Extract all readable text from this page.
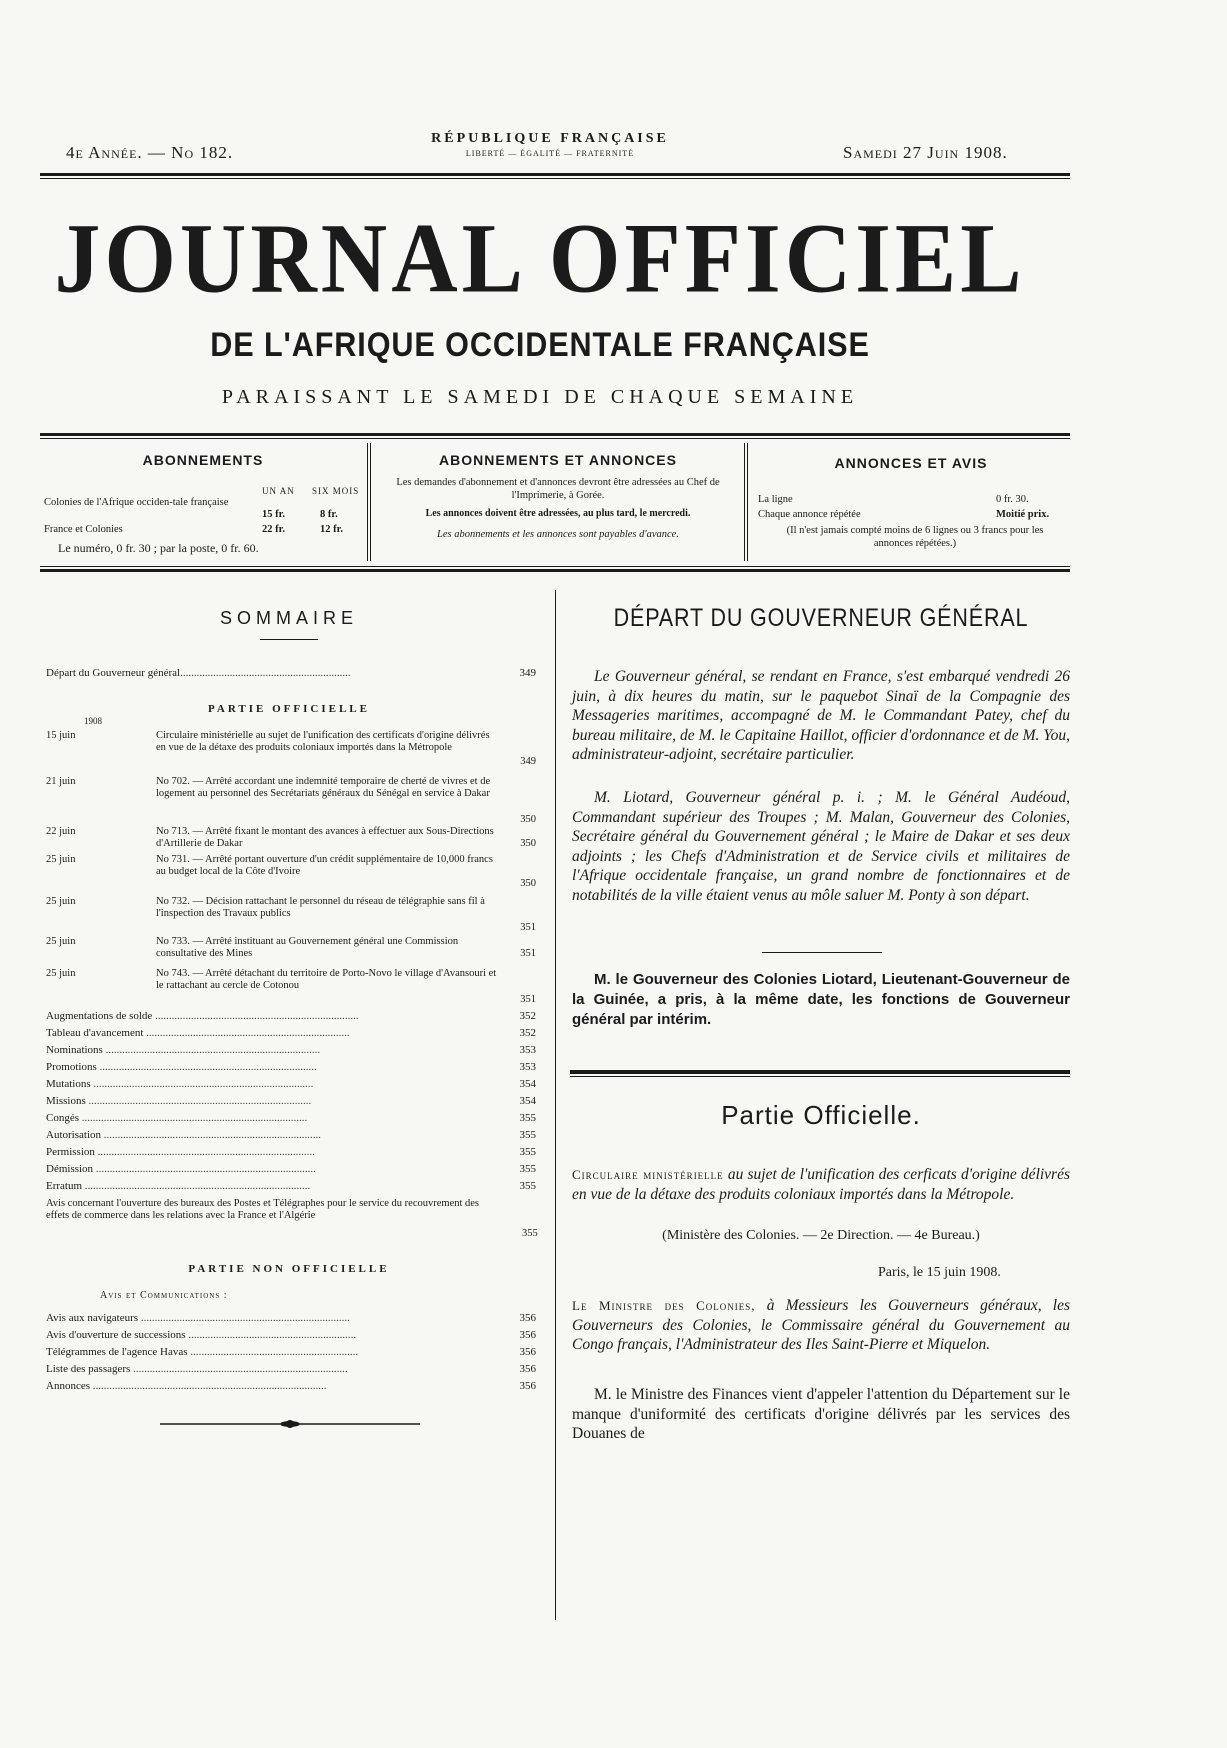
4e Année. — No 182.
RÉPUBLIQUE FRANÇAISE
LIBERTÉ — ÉGALITÉ — FRATERNITÉ	Samedi 27 Juin 1908.
JOURNAL OFFICIEL
DE L'AFRIQUE OCCIDENTALE FRANÇAISE
PARAISSANT LE SAMEDI DE CHAQUE SEMAINE
ABONNEMENTS
UN AN SIX MOIS
Colonies de l'Afrique occiden-tale française
15 fr.	8 fr.
France et Colonies	22 fr.	12 fr.
Le numéro, 0 fr. 30 ; par la poste, 0 fr. 60.
ABONNEMENTS ET ANNONCES
Les demandes d'abonnement et d'annonces devront être adressées au Chef de l'Imprimerie, à Gorée.
Les annonces doivent être adressées, au plus tard, le mercredi.
Les abonnements et les annonces sont payables d'avance.
ANNONCES ET AVIS
La ligne	0 fr. 30.
Chaque annonce répétée	Moitié prix.
(Il n'est jamais compté moins de 6 lignes ou 3 francs pour les annonces répétées.)
SOMMAIRE
Départ du Gouverneur général..............................................................	349
PARTIE OFFICIELLE
1908
15 juin	Circulaire ministérielle au sujet de l'unification des certificats d'origine délivrés en vue de la détaxe des produits coloniaux importés dans la Métropole
349
21 juin	No 702. — Arrêté accordant une indemnité temporaire de cherté de vivres et de logement au personnel des Secrétariats généraux du Sénégal en service à Dakar
350
22 juin	No 713. — Arrêté fixant le montant des avances à effectuer aux Sous-Directions d'Artillerie de Dakar	350
25 juin	No 731. — Arrêté portant ouverture d'un crédit supplémentaire de 10,000 francs au budget local de la Côte d'Ivoire
350
25 juin	No 732. — Décision rattachant le personnel du réseau de télégraphie sans fil à l'inspection des Travaux publics
351
25 juin	No 733. — Arrêté instituant au Gouvernement général une Commission consultative des Mines	351
25 juin	No 743. — Arrêté détachant du territoire de Porto-Novo le village d'Avansouri et le rattachant au cercle de Cotonou
351
Augmentations de solde ..........................................................................	352
Tableau d'avancement ..........................................................................	352
Nominations ..............................................................................	353
Promotions ...............................................................................	353
Mutations ................................................................................	354
Missions .................................................................................	354
Congés ..................................................................................	355
Autorisation ...............................................................................	355
Permission ...............................................................................	355
Démission ................................................................................	355
Erratum ..................................................................................	355
Avis concernant l'ouverture des bureaux des Postes et Télégraphes pour le service du recouvrement des effets de commerce dans les relations avec la France et l'Algérie
355
PARTIE NON OFFICIELLE
Avis et Communications :
Avis aux navigateurs ............................................................................	356
Avis d'ouverture de successions .............................................................	356
Télégrammes de l'agence Havas .............................................................	356
Liste des passagers ..............................................................................	356
Annonces .....................................................................................	356
DÉPART DU GOUVERNEUR GÉNÉRAL
Le Gouverneur général, se rendant en France, s'est embarqué vendredi 26 juin, à dix heures du matin, sur le paquebot Sinaï de la Compagnie des Messageries maritimes, accompagné de M. le Commandant Patey, chef du bureau militaire, de M. le Capitaine Haillot, officier d'ordonnance et de M. You, administrateur-adjoint, secrétaire particulier.
M. Liotard, Gouverneur général p. i. ; M. le Général Audéoud, Commandant supérieur des Troupes ; M. Malan, Gouverneur des Colonies, Secrétaire général du Gouvernement général ; le Maire de Dakar et ses deux adjoints ; les Chefs d'Administration et de Service civils et militaires de l'Afrique occidentale française, un grand nombre de fonctionnaires et de notabilités de la ville étaient venus au môle saluer M. Ponty à son départ.
M. le Gouverneur des Colonies Liotard, Lieutenant-Gouverneur de la Guinée, a pris, à la même date, les fonctions de Gouverneur général par intérim.
Partie Officielle.
Circulaire ministérielle au sujet de l'unification des cerficats d'origine délivrés en vue de la détaxe des produits coloniaux importés dans la Métropole.
(Ministère des Colonies. — 2e Direction. — 4e Bureau.)
Paris, le 15 juin 1908.
Le Ministre des Colonies, à Messieurs les Gouverneurs généraux, les Gouverneurs des Colonies, le Commissaire général du Gouvernement au Congo français, l'Administrateur des Iles Saint-Pierre et Miquelon.
M. le Ministre des Finances vient d'appeler l'attention du Département sur le manque d'uniformité des certificats d'origine délivrés par les services des Douanes de
